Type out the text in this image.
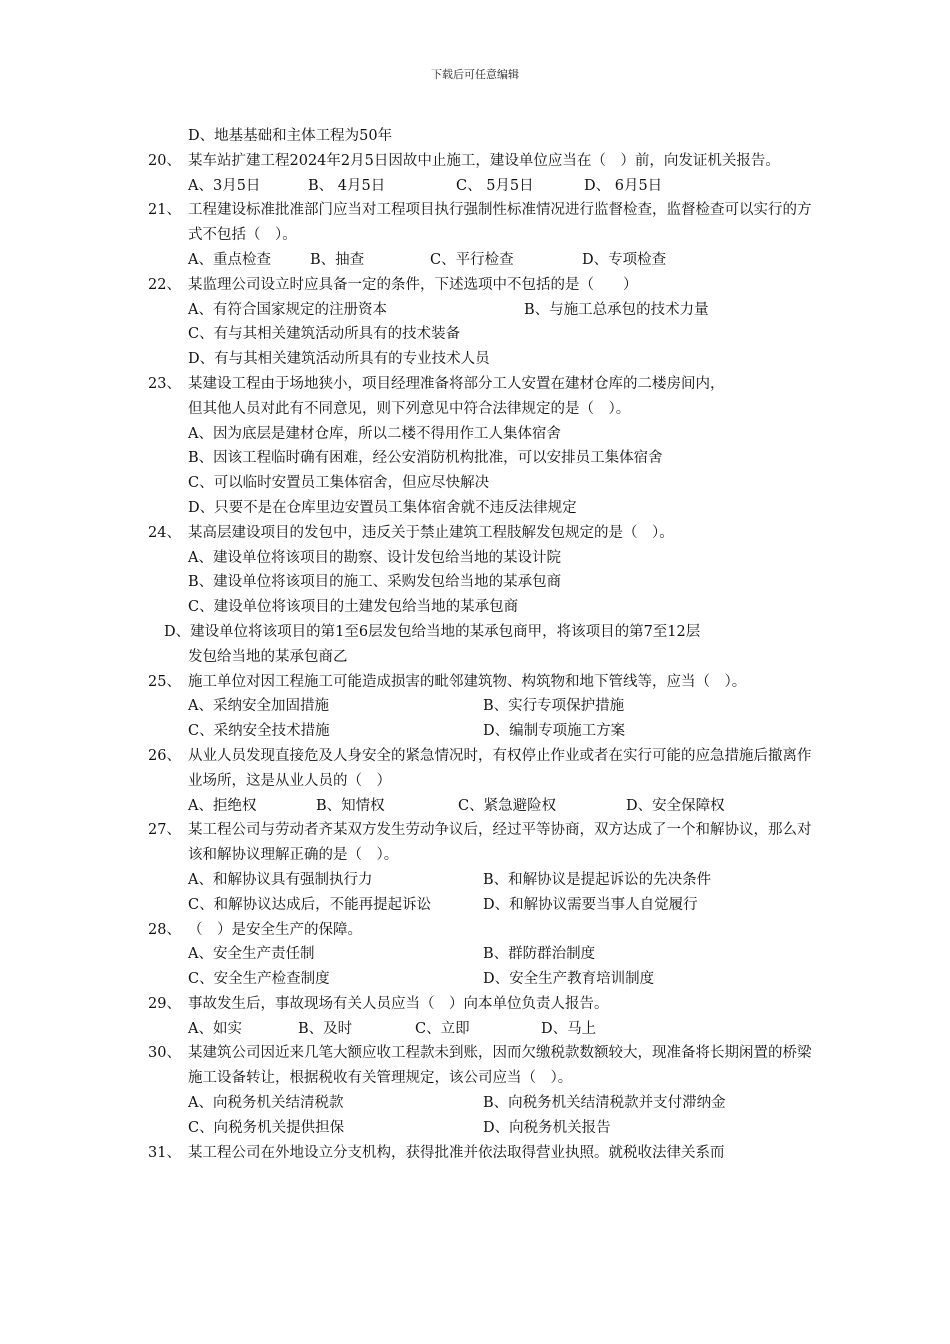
下载后可任意编辑
D、地基基础和主体工程为50年
20、 某车站扩建工程2024年2月5日因故中止施工，建设单位应当在（　）前，向发证机关报告。
A、3月5日	B、 4月5日	C、 5月5日	D、 6月5日
21、 工程建设标准批准部门应当对工程项目执行强制性标准情况进行监督检查，监督检查可以实行的方式不包括（　）。
A、重点检查	B、抽查	C、平行检查	D、专项检查
22、 某监理公司设立时应具备一定的条件，下述选项中不包括的是（　　）
A、有符合国家规定的注册资本	B、与施工总承包的技术力量
C、有与其相关建筑活动所具有的技术装备
D、有与其相关建筑活动所具有的专业技术人员
23、 某建设工程由于场地狭小，项目经理准备将部分工人安置在建材仓库的二楼房间内，
但其他人员对此有不同意见，则下列意见中符合法律规定的是（　）。
A、因为底层是建材仓库，所以二楼不得用作工人集体宿舍
B、因该工程临时确有困难，经公安消防机构批准，可以安排员工集体宿舍
C、可以临时安置员工集体宿舍，但应尽快解决
D、只要不是在仓库里边安置员工集体宿舍就不违反法律规定
24、 某高层建设项目的发包中，违反关于禁止建筑工程肢解发包规定的是（　）。
A、建设单位将该项目的勘察、设计发包给当地的某设计院
B、建设单位将该项目的施工、采购发包给当地的某承包商
C、建设单位将该项目的土建发包给当地的某承包商
D、建设单位将该项目的第1至6层发包给当地的某承包商甲，将该项目的第7至12层
发包给当地的某承包商乙
25、 施工单位对因工程施工可能造成损害的毗邻建筑物、构筑物和地下管线等，应当（　）。
A、采纳安全加固措施	B、实行专项保护措施
C、采纳安全技术措施	D、编制专项施工方案
26、 从业人员发现直接危及人身安全的紧急情况时，有权停止作业或者在实行可能的应急措施后撤离作业场所，这是从业人员的（　）
A、拒绝权	B、知情权	C、紧急避险权	D、安全保障权
27、 某工程公司与劳动者齐某双方发生劳动争议后，经过平等协商，双方达成了一个和解协议，那么对该和解协议理解正确的是（　）。
A、和解协议具有强制执行力	B、和解协议是提起诉讼的先决条件
C、和解协议达成后，不能再提起诉讼	D、和解协议需要当事人自觉履行
28、 （　）是安全生产的保障。
A、安全生产责任制	B、群防群治制度
C、安全生产检查制度	D、安全生产教育培训制度
29、 事故发生后，事故现场有关人员应当（　）向本单位负责人报告。
A、如实	B、及时	C、立即	D、马上
30、 某建筑公司因近来几笔大额应收工程款未到账，因而欠缴税款数额较大，现准备将长期闲置的桥梁施工设备转让，根据税收有关管理规定，该公司应当（　）。
A、向税务机关结清税款	B、向税务机关结清税款并支付滞纳金
C、向税务机关提供担保	D、向税务机关报告
31、 某工程公司在外地设立分支机构，获得批准并依法取得营业执照。就税收法律关系而
